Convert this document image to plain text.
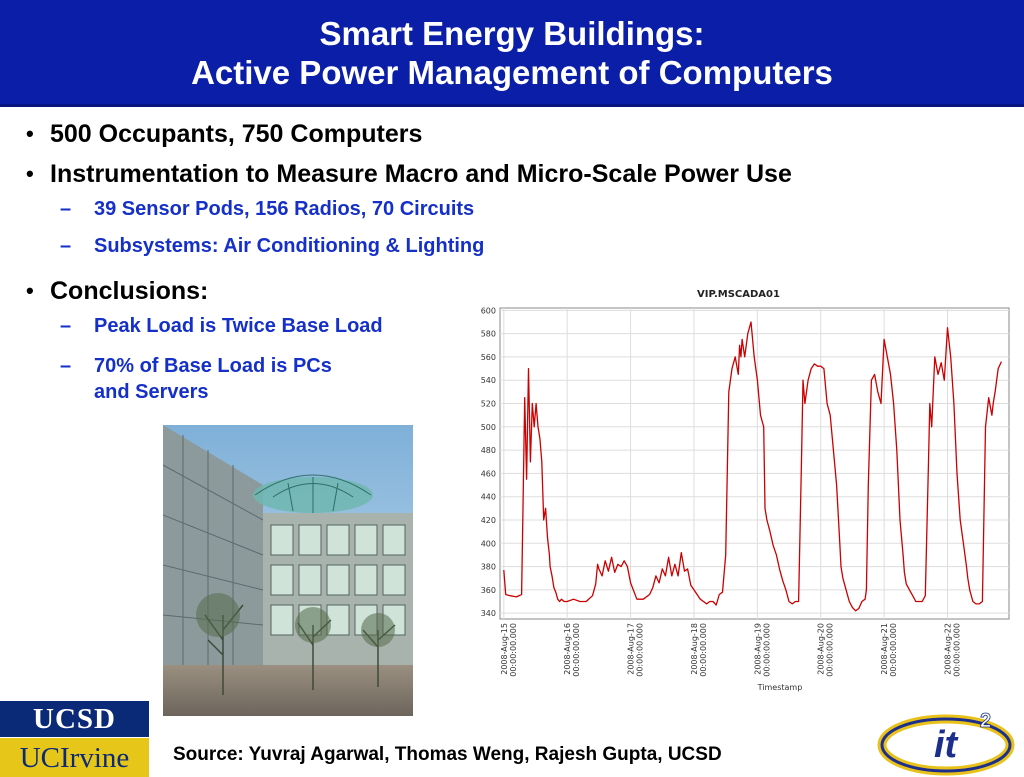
Smart Energy Buildings:
Active Power Management of Computers
• 500 Occupants, 750 Computers
• Instrumentation to Measure Macro and Micro-Scale Power Use
– 39 Sensor Pods, 156 Radios, 70 Circuits
– Subsystems: Air Conditioning & Lighting
• Conclusions:
– Peak Load is Twice Base Load
– 70% of Base Load is PCs
and Servers
VIP.MSCADA01
340
360
380
400
420
440
460
480
500
520
540
560
580
600
2008-Aug-1500:00:00.000	2008-Aug-1600:00:00.000	2008-Aug-1700:00:00.000	2008-Aug-1800:00:00.000	2008-Aug-1900:00:00.000	2008-Aug-2000:00:00.000	2008-Aug-2100:00:00.000	2008-Aug-2200:00:00.000
Timestamp
UCSD
UCIrvine	Source: Yuvraj Agarwal, Thomas Weng, Rajesh Gupta, UCSD	it
2
